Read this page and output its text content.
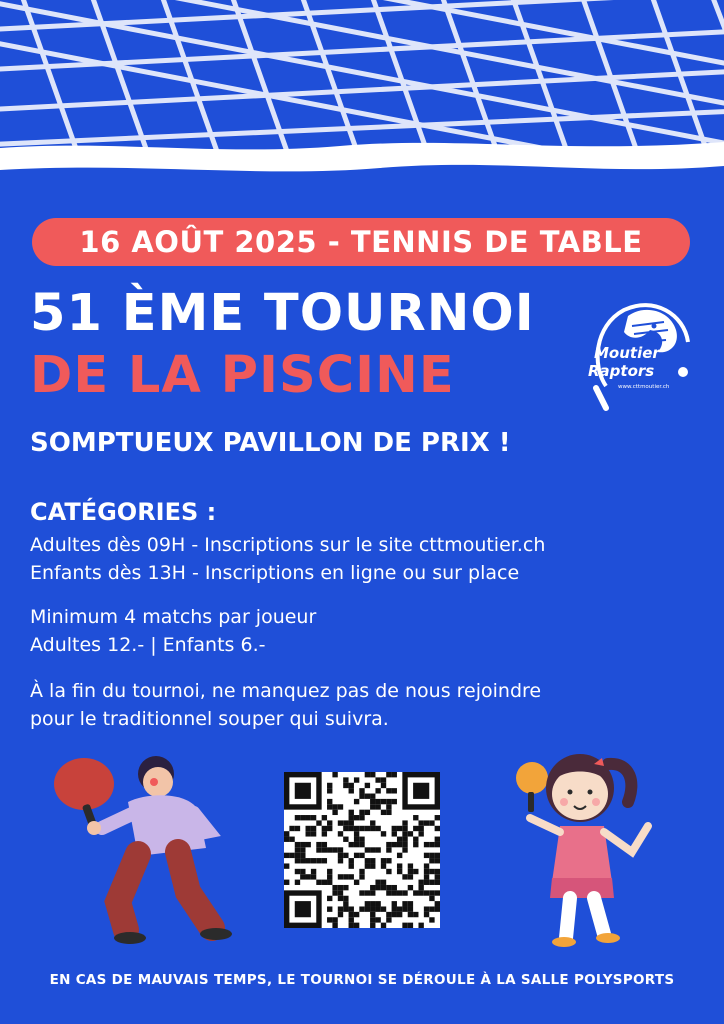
16 AOÛT 2025 - TENNIS DE TABLE
51 ÈME TOURNOI
DE LA PISCINE	Moutier
Raptors
www.cttmoutier.ch
SOMPTUEUX PAVILLON DE PRIX !
CATÉGORIES :
Adultes dès 09H - Inscriptions sur le site cttmoutier.ch
Enfants dès 13H - Inscriptions en ligne ou sur place
Minimum 4 matchs par joueur
Adultes 12.- | Enfants 6.-
À la fin du tournoi, ne manquez pas de nous rejoindre
pour le traditionnel souper qui suivra.
EN CAS DE MAUVAIS TEMPS, LE TOURNOI SE DÉROULE À LA SALLE POLYSPORTS
